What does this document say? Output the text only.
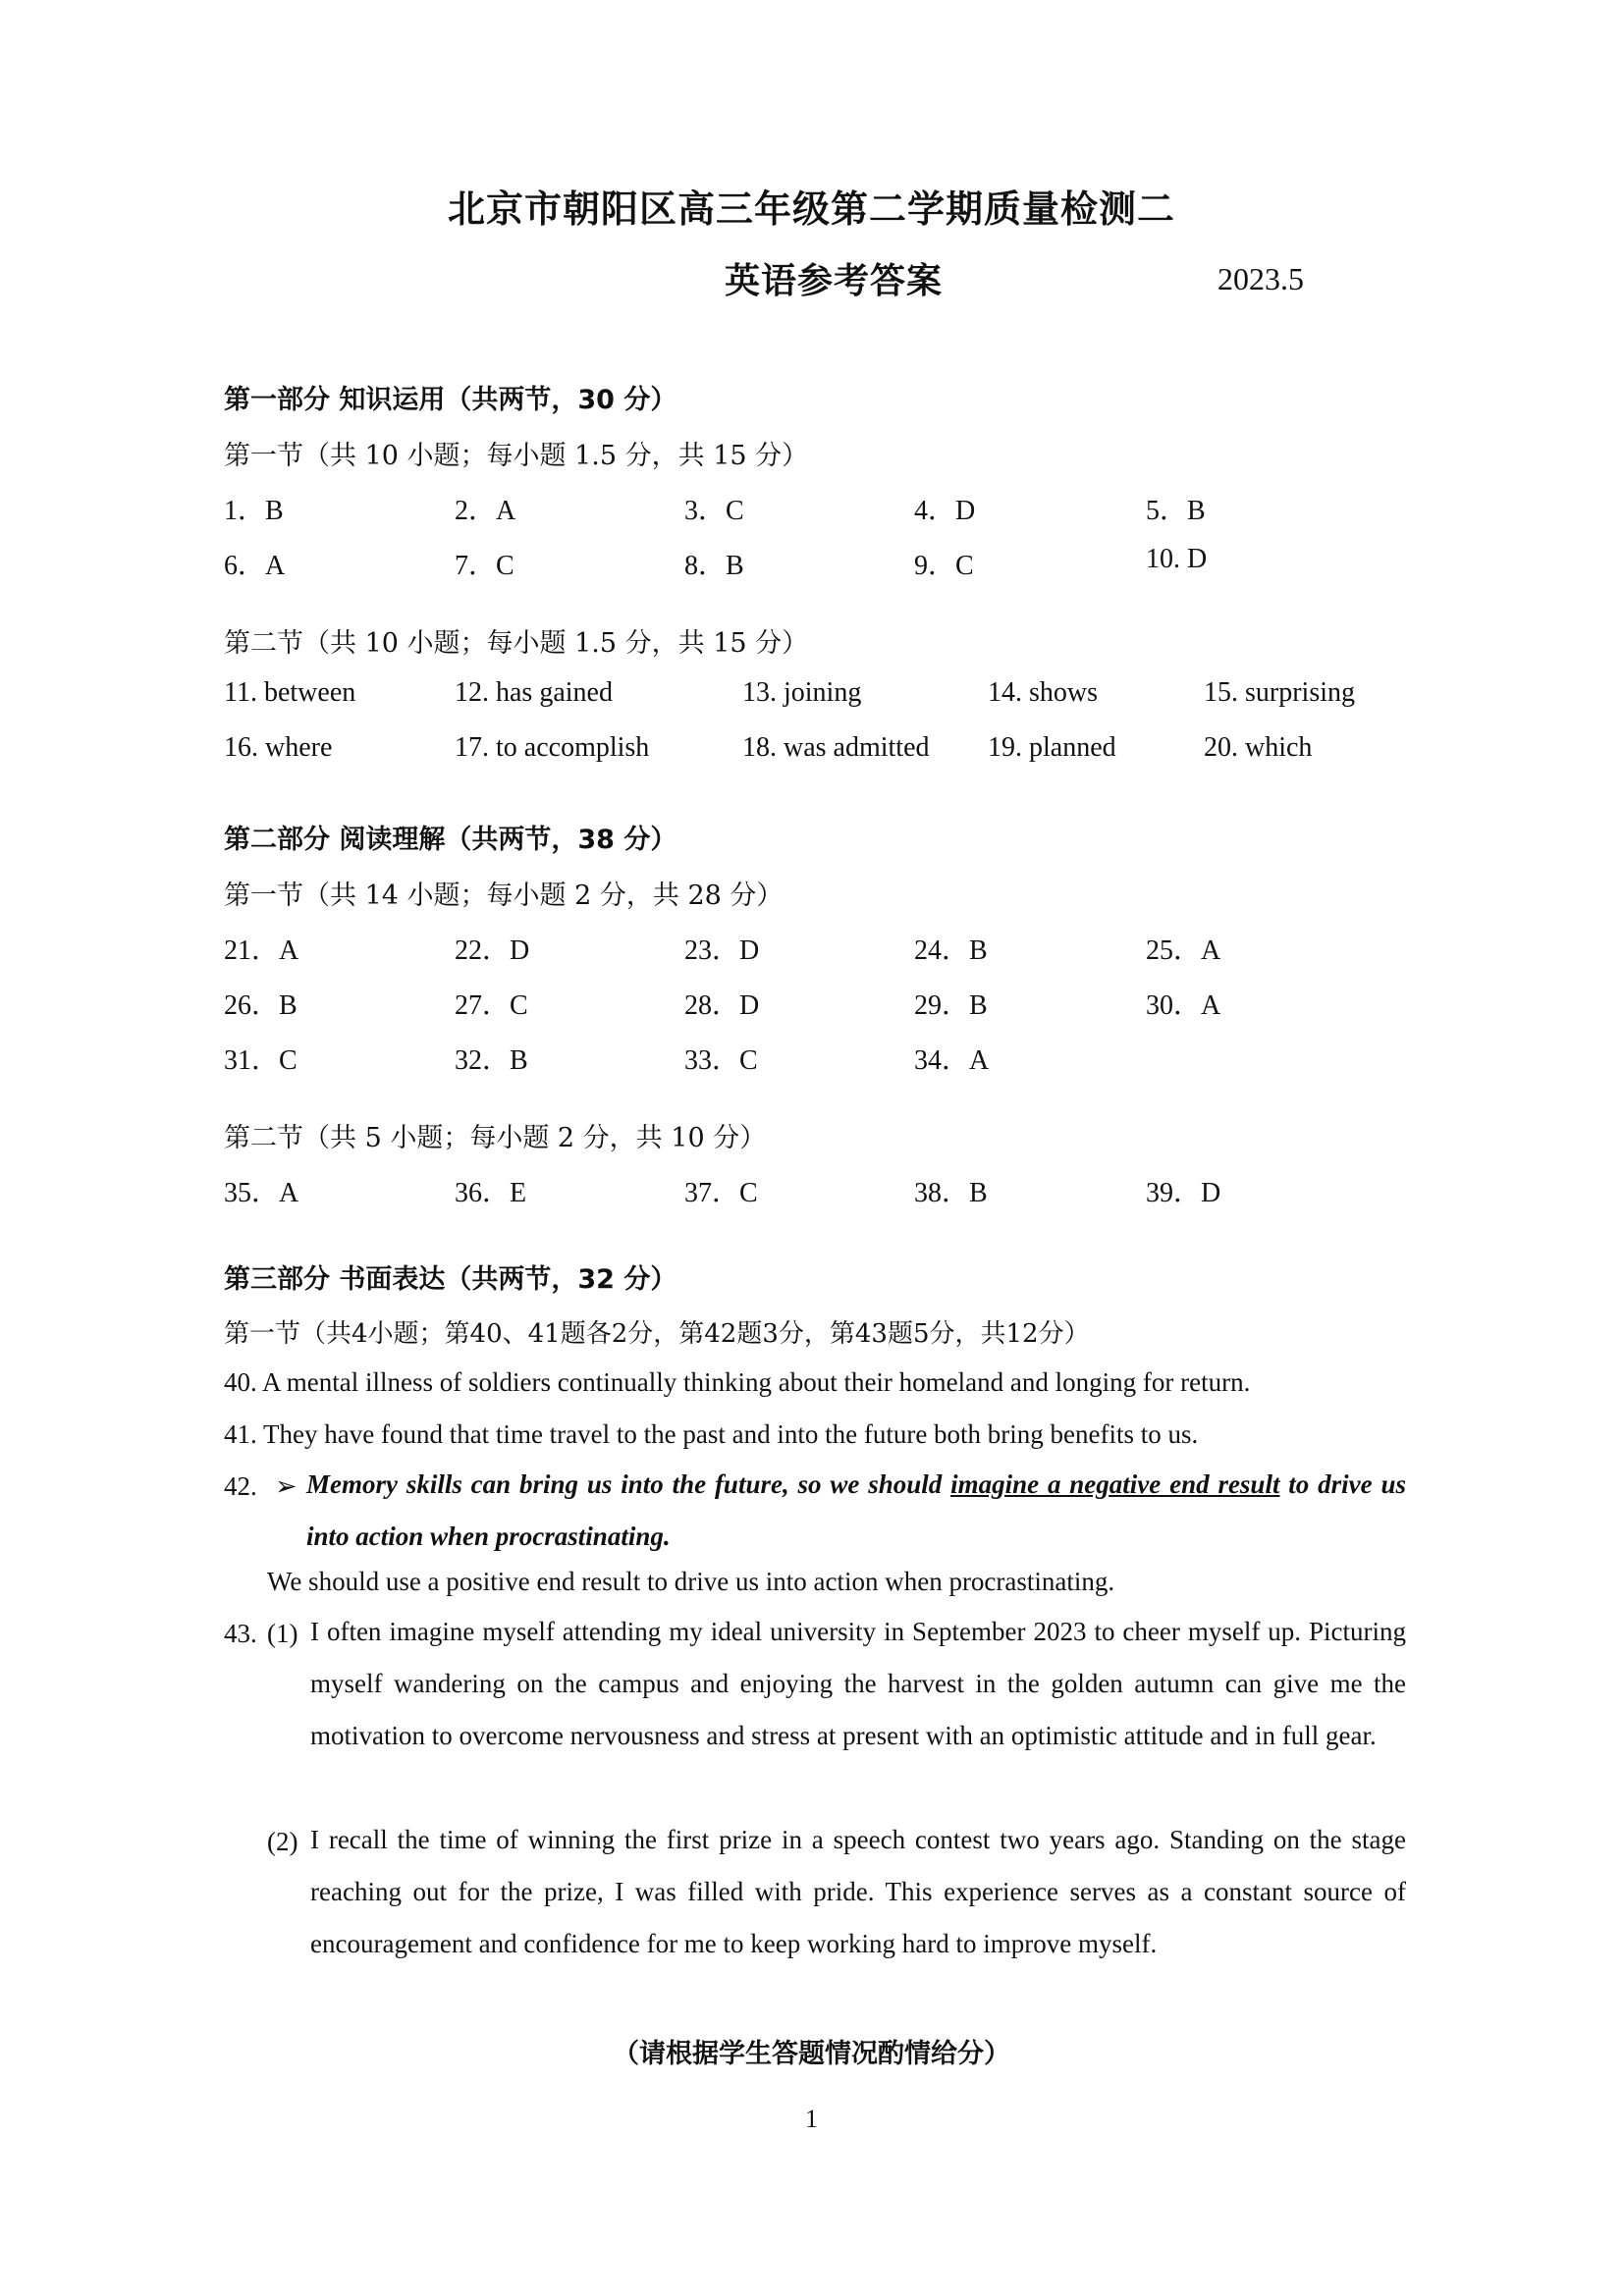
北京市朝阳区高三年级第二学期质量检测二
英语参考答案	2023.5
第一部分 知识运用（共两节，30 分）
第一节（共 10 小题；每小题 1.5 分，共 15 分）
1．B	2．A	3．C	4．D	5．B
6．A	7．C	8．B	9．C	10. D
第二节（共 10 小题；每小题 1.5 分，共 15 分）
11. between	12. has gained	13. joining	14. shows	15. surprising
16. where	17. to accomplish	18. was admitted 19. planned	20. which
第二部分 阅读理解（共两节，38 分）
第一节（共 14 小题；每小题 2 分，共 28 分）
21．A	22．D	23．D	24．B	25．A
26．B	27．C	28．D	29．B	30．A
31．C	32．B	33．C	34．A
第二节（共 5 小题；每小题 2 分，共 10 分）
35．A	36．E	37．C	38．B	39．D
第三部分 书面表达（共两节，32 分）
第一节（共4小题；第40、41题各2分，第42题3分，第43题5分，共12分）
40. A mental illness of soldiers continually thinking about their homeland and longing for return.
41. They have found that time travel to the past and into the future both bring benefits to us.
42. ➢ Memory skills can bring us into the future, so we should imagine a negative end result to drive us into action when procrastinating.
We should use a positive end result to drive us into action when procrastinating.
43. (1) I often imagine myself attending my ideal university in September 2023 to cheer myself up. Picturing myself wandering on the campus and enjoying the harvest in the golden autumn can give me the motivation to overcome nervousness and stress at present with an optimistic attitude and in full gear.
(2) I recall the time of winning the first prize in a speech contest two years ago. Standing on the stage reaching out for the prize, I was filled with pride. This experience serves as a constant source of encouragement and confidence for me to keep working hard to improve myself.
（请根据学生答题情况酌情给分）
1
